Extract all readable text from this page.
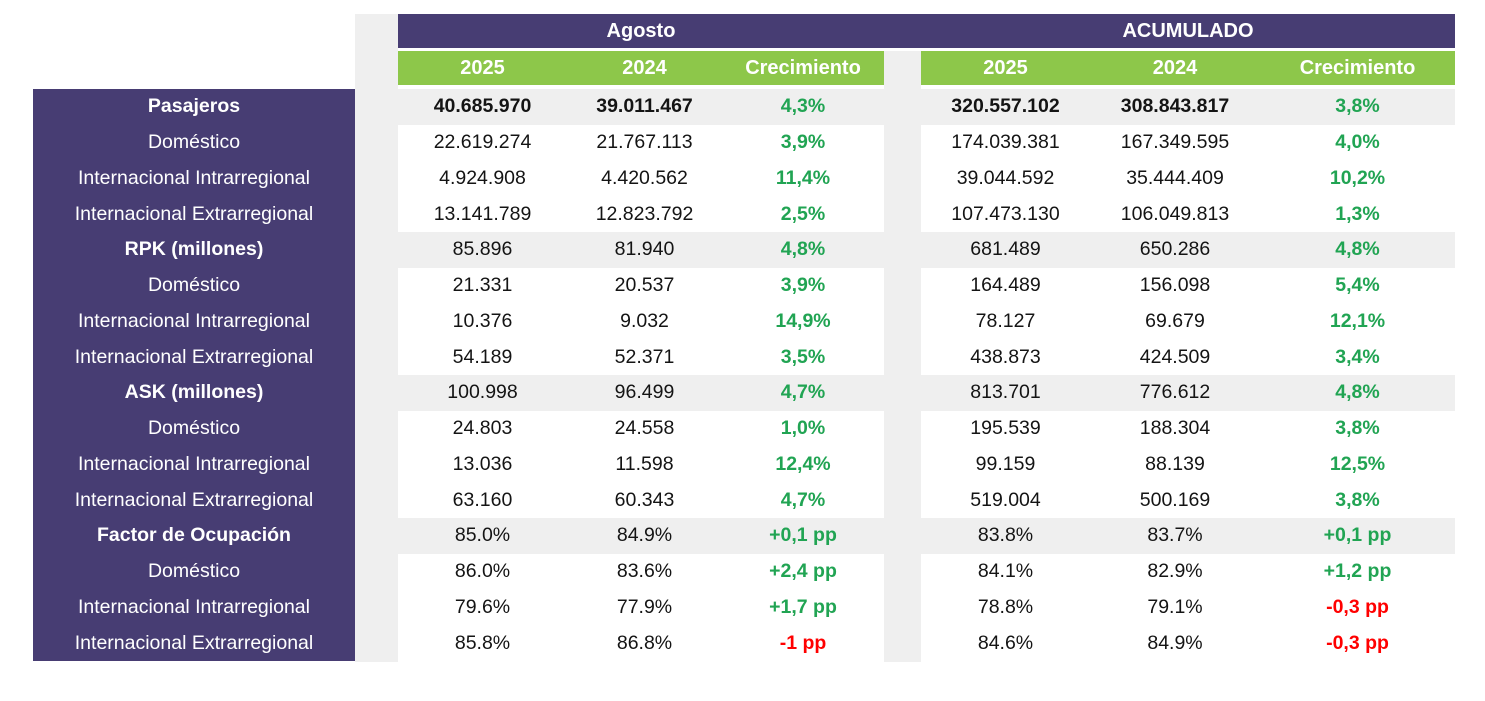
Agosto	ACUMULADO
2025	2024	Crecimiento	2025	2024	Crecimiento
Pasajeros	40.685.970	39.011.467	4,3%	320.557.102	308.843.817	3,8%
Doméstico	22.619.274	21.767.113	3,9%	174.039.381	167.349.595	4,0%
Internacional Intrarregional	4.924.908	4.420.562	11,4%	39.044.592	35.444.409	10,2%
Internacional Extrarregional	13.141.789	12.823.792	2,5%	107.473.130	106.049.813	1,3%
RPK (millones)	85.896	81.940	4,8%	681.489	650.286	4,8%
Doméstico	21.331	20.537	3,9%	164.489	156.098	5,4%
Internacional Intrarregional	10.376	9.032	14,9%	78.127	69.679	12,1%
Internacional Extrarregional	54.189	52.371	3,5%	438.873	424.509	3,4%
ASK (millones)	100.998	96.499	4,7%	813.701	776.612	4,8%
Doméstico	24.803	24.558	1,0%	195.539	188.304	3,8%
Internacional Intrarregional	13.036	11.598	12,4%	99.159	88.139	12,5%
Internacional Extrarregional	63.160	60.343	4,7%	519.004	500.169	3,8%
Factor de Ocupación	85.0%	84.9%	+0,1 pp	83.8%	83.7%	+0,1 pp
Doméstico	86.0%	83.6%	+2,4 pp	84.1%	82.9%	+1,2 pp
Internacional Intrarregional	79.6%	77.9%	+1,7 pp	78.8%	79.1%	-0,3 pp
Internacional Extrarregional	85.8%	86.8%	-1 pp	84.6%	84.9%	-0,3 pp
